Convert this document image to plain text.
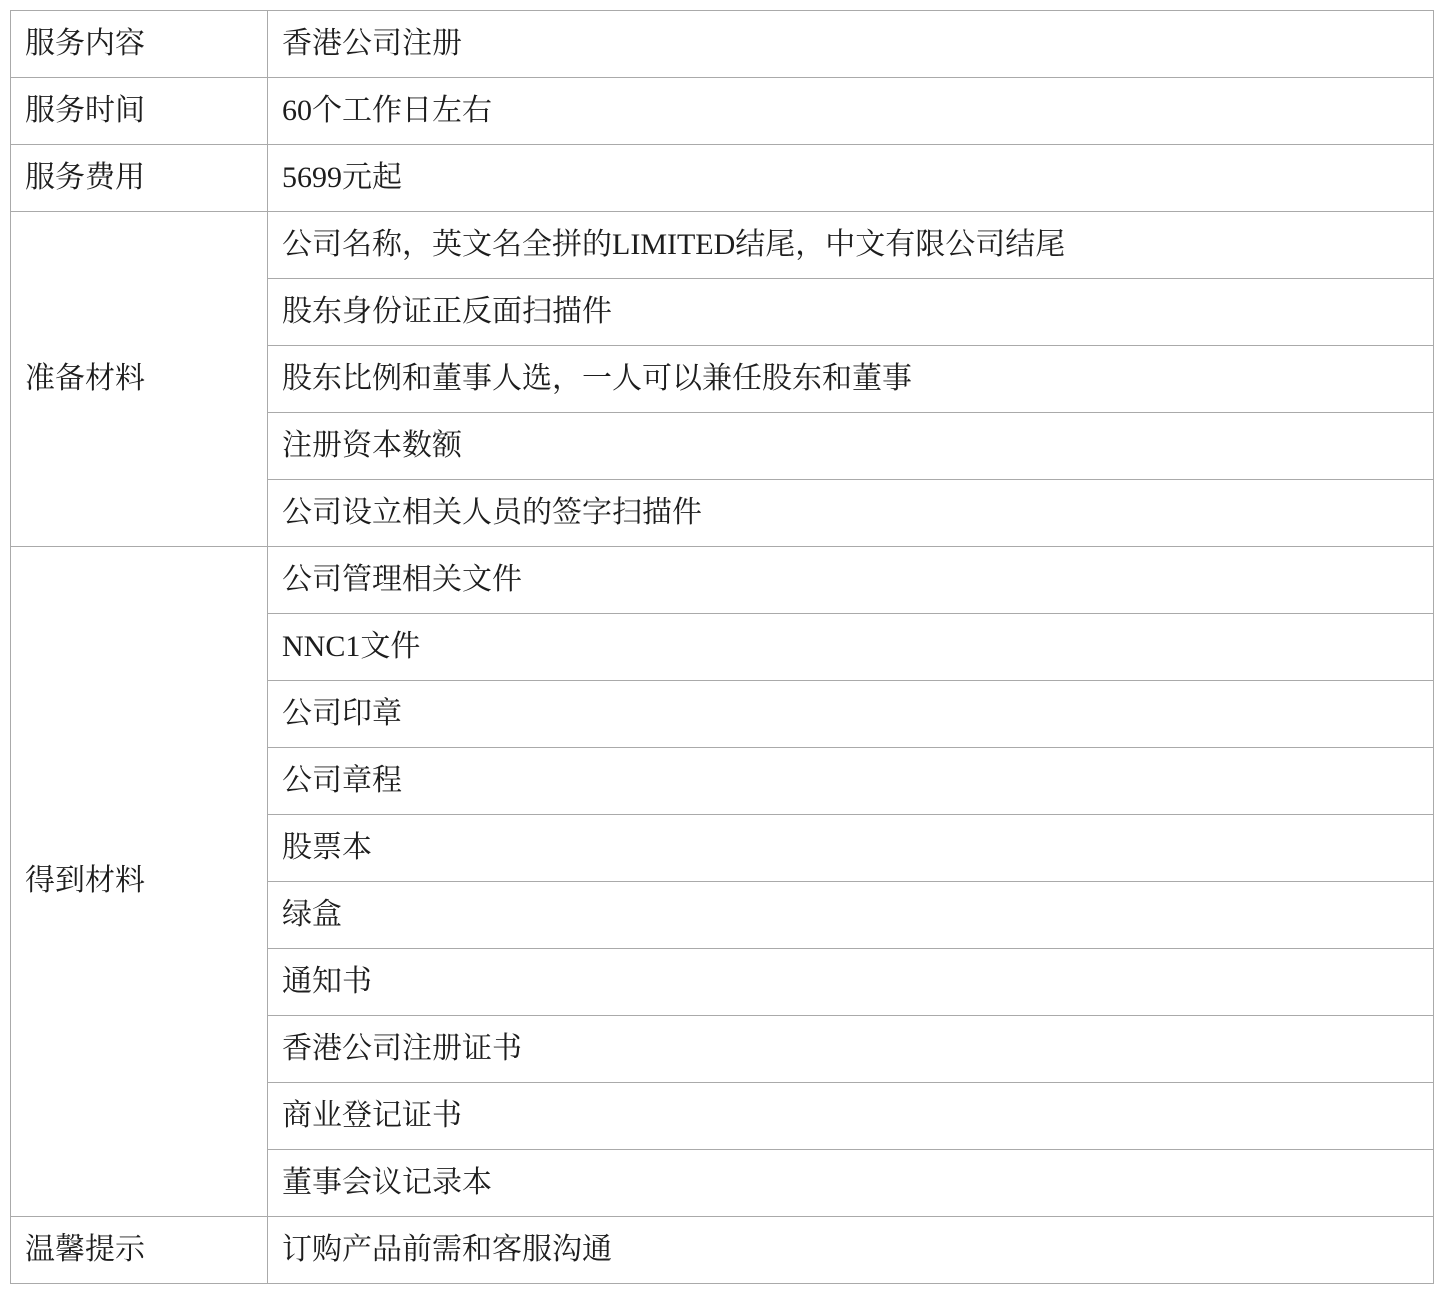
服务内容	香港公司注册
服务时间	60个工作日左右
服务费用	5699元起
准备材料	公司名称，英文名全拼的LIMITED结尾，中文有限公司结尾
	股东身份证正反面扫描件
	股东比例和董事人选，一人可以兼任股东和董事
	注册资本数额
	公司设立相关人员的签字扫描件
得到材料	公司管理相关文件
	NNC1文件
	公司印章
	公司章程
	股票本
	绿盒
	通知书
	香港公司注册证书
	商业登记证书
	董事会议记录本
温馨提示	订购产品前需和客服沟通
